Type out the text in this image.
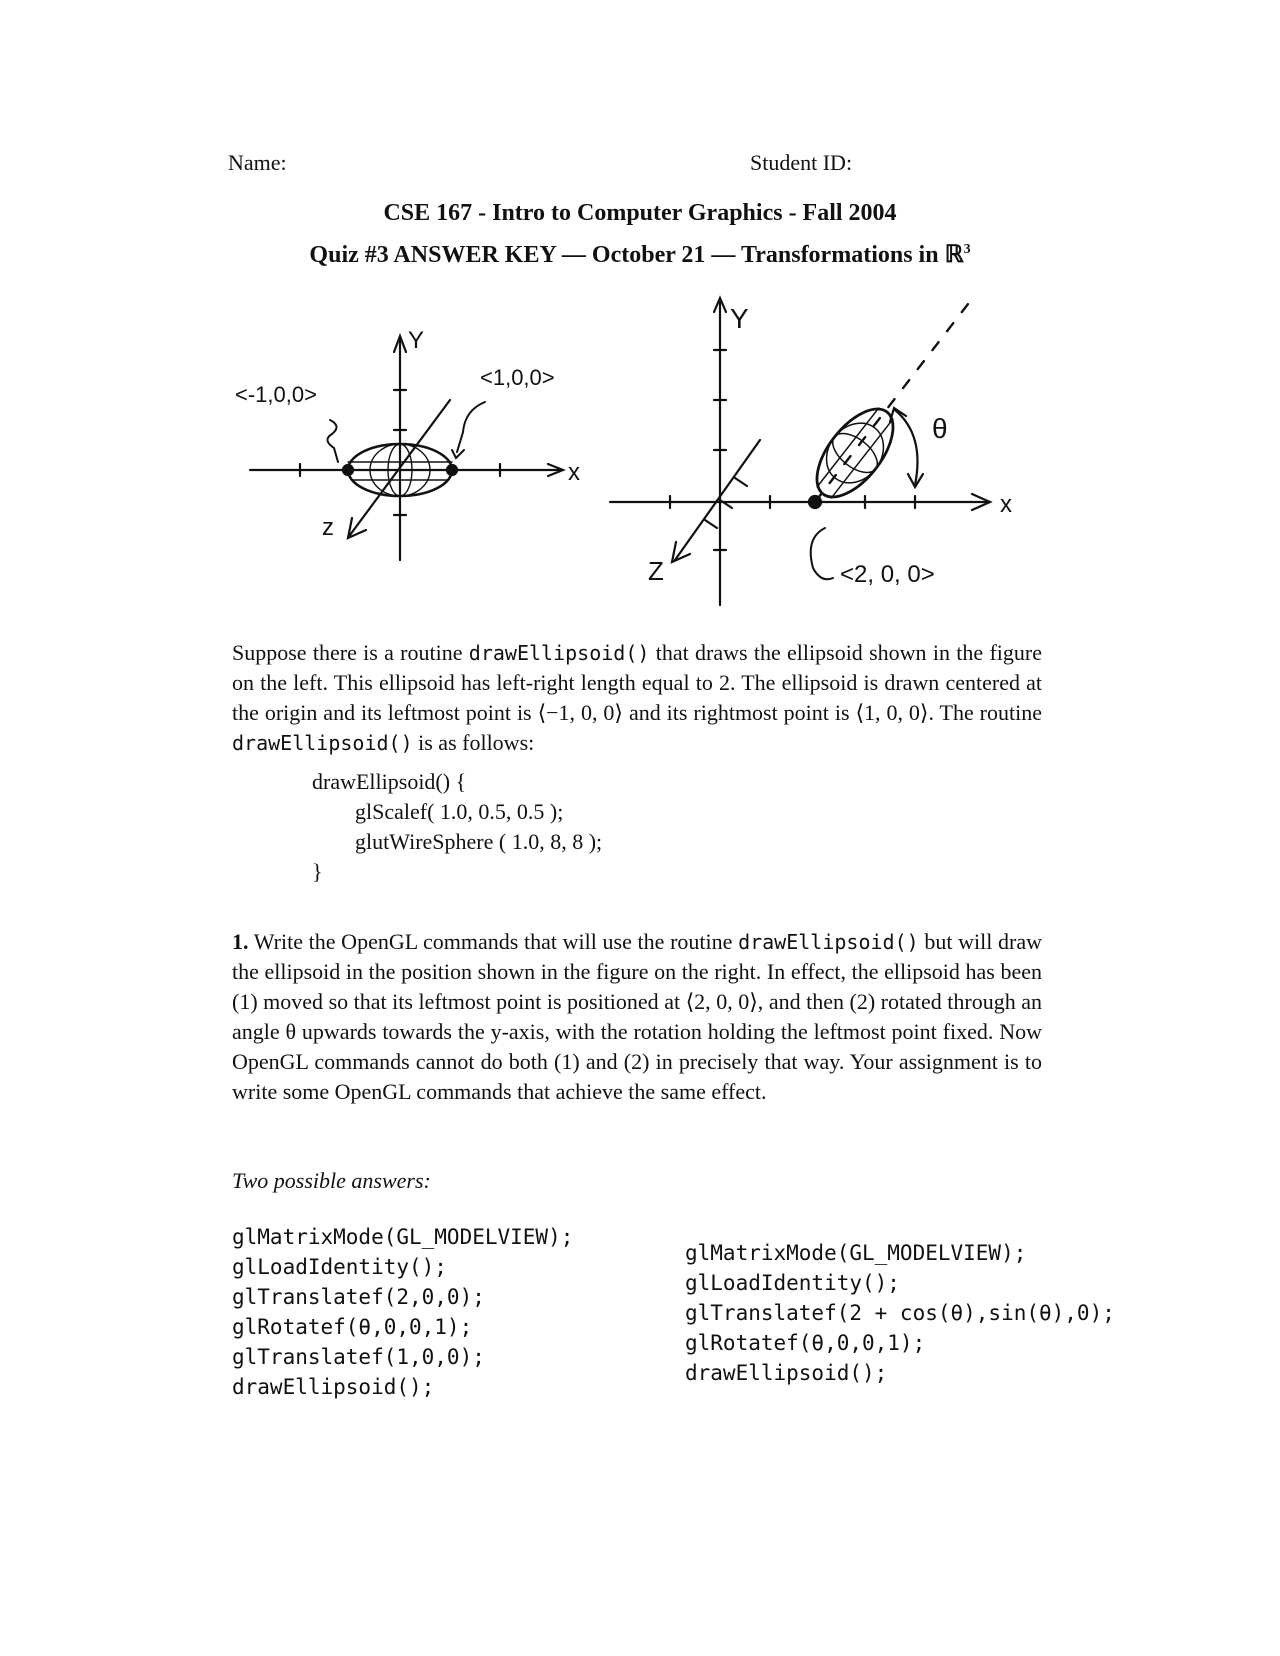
Name:	Student ID:
CSE 167 - Intro to Computer Graphics - Fall 2004
Quiz #3 ANSWER KEY — October 21 — Transformations in ℝ$^3$
Y
x
z
<-1,0,0>
<1,0,0>
Y
x
Z	<2, 0, 0>
θ
Suppose there is a routine drawEllipsoid() that draws the ellipsoid shown in the figure on the left. This ellipsoid has left-right length equal to 2. The ellipsoid is drawn centered at the origin and its leftmost point is ⟨−1, 0, 0⟩ and its rightmost point is ⟨1, 0, 0⟩. The routine drawEllipsoid() is as follows:
drawEllipsoid() {
glScalef( 1.0, 0.5, 0.5 );
glutWireSphere ( 1.0, 8, 8 );
}
1. Write the OpenGL commands that will use the routine drawEllipsoid() but will draw the ellipsoid in the position shown in the figure on the right. In effect, the ellipsoid has been (1) moved so that its leftmost point is positioned at ⟨2, 0, 0⟩, and then (2) rotated through an angle θ upwards towards the y-axis, with the rotation holding the leftmost point fixed. Now OpenGL commands cannot do both (1) and (2) in precisely that way. Your assignment is to write some OpenGL commands that achieve the same effect.
Two possible answers:
glMatrixMode(GL_MODELVIEW);
glLoadIdentity();
glTranslatef(2,0,0);
glRotatef(θ,0,0,1);
glTranslatef(1,0,0);
drawEllipsoid();
glMatrixMode(GL_MODELVIEW);
glLoadIdentity();
glTranslatef(2 + cos(θ),sin(θ),0);
glRotatef(θ,0,0,1);
drawEllipsoid();
